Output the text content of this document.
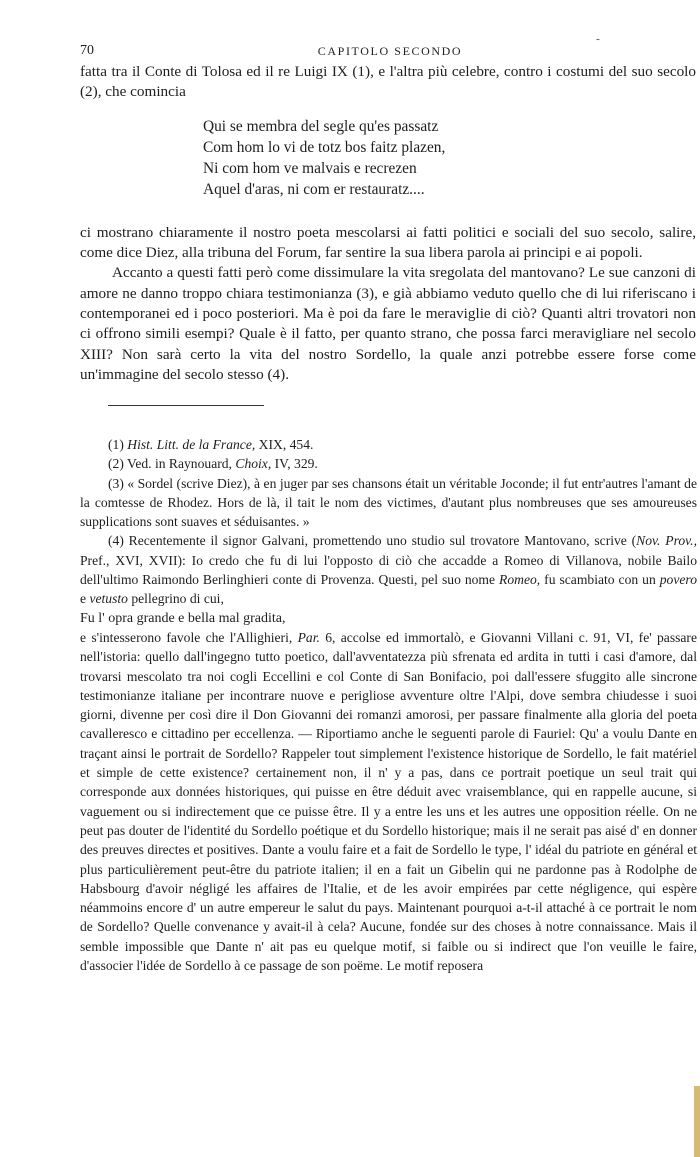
70	CAPITOLO SECONDO
˜

fatta tra il Conte di Tolosa ed il re Luigi IX (1), e l'altra più celebre, contro i costumi del suo secolo (2), che comincia

Qui se membra del segle qu'es passatz
Com hom lo vi de totz bos faitz plazen,
Ni com hom ve malvais e recrezen
Aquel d'aras, ni com er restauratz....

ci mostrano chiaramente il nostro poeta mescolarsi ai fatti politici e sociali del suo secolo, salire, come dice Diez, alla tribuna del Forum, far sentire la sua libera parola ai principi e ai popoli.

Accanto a questi fatti però come dissimulare la vita sregolata del mantovano? Le sue canzoni di amore ne danno troppo chiara testimonianza (3), e già abbiamo veduto quello che di lui riferiscano i contemporanei ed i poco posteriori. Ma è poi da fare le meraviglie di ciò? Quanti altri trovatori non ci offrono simili esempi? Quale è il fatto, per quanto strano, che possa farci meravigliare nel secolo XIII? Non sarà certo la vita del nostro Sordello, la quale anzi potrebbe essere forse come un'immagine del secolo stesso (4).

(1) Hist. Litt. de la France, XIX, 454.

(2) Ved. in Raynouard, Choix, IV, 329.

(3) « Sordel (scrive Diez), à en juger par ses chansons était un véritable Joconde; il fut entr'autres l'amant de la comtesse de Rhodez. Hors de là, il tait le nom des victimes, d'autant plus nombreuses que ses amoureuses supplications sont suaves et séduisantes. »

(4) Recentemente il signor Galvani, promettendo uno studio sul trovatore Mantovano, scrive (Nov. Prov., Pref., XVI, XVII): Io credo che fu di lui l'opposto di ciò che accadde a Romeo di Villanova, nobile Bailo dell'ultimo Raimondo Berlinghieri conte di Provenza. Questi, pel suo nome Romeo, fu scambiato con un povero e vetusto pellegrino di cui,

Fu l' opra grande e bella mal gradita,

e s'intesserono favole che l'Allighieri, Par. 6, accolse ed immortalò, e Giovanni Villani c. 91, VI, fe' passare nell'istoria: quello dall'ingegno tutto poetico, dall'avventatezza più sfrenata ed ardita in tutti i casi d'amore, dal trovarsi mescolato tra noi cogli Eccellini e col Conte di San Bonifacio, poi dall'essere sfuggito alle sincrone testimonianze italiane per incontrare nuove e perigliose avventure oltre l'Alpi, dove sembra chiudesse i suoi giorni, divenne per così dire il Don Giovanni dei romanzi amorosi, per passare finalmente alla gloria del poeta cavalleresco e cittadino per eccellenza. — Riportiamo anche le seguenti parole di Fauriel: Qu' a voulu Dante en traçant ainsi le portrait de Sordello? Rappeler tout simplement l'existence historique de Sordello, le fait matériel et simple de cette existence? certainement non, il n' y a pas, dans ce portrait poetique un seul trait qui corresponde aux données historiques, qui puisse en être déduit avec vraisemblance, qui en rappelle aucune, si vaguement ou si indirectement que ce puisse être. Il y a entre les uns et les autres une opposition réelle. On ne peut pas douter de l'identité du Sordello poétique et du Sordello historique; mais il ne serait pas aisé d' en donner des preuves directes et positives. Dante a voulu faire et a fait de Sordello le type, l' idéal du patriote en général et plus particulièrement peut-être du patriote italien; il en a fait un Gibelin qui ne pardonne pas à Rodolphe de Habsbourg d'avoir négligé les affaires de l'Italie, et de les avoir empirées par cette négligence, qui espère néammoins encore d' un autre empereur le salut du pays. Maintenant pourquoi a-t-il attaché à ce portrait le nom de Sordello? Quelle convenance y avait-il à cela? Aucune, fondée sur des choses à notre connaissance. Mais il semble impossible que Dante n' ait pas eu quelque motif, si faible ou si indirect que l'on veuille le faire, d'associer l'idée de Sordello à ce passage de son poëme. Le motif reposera
